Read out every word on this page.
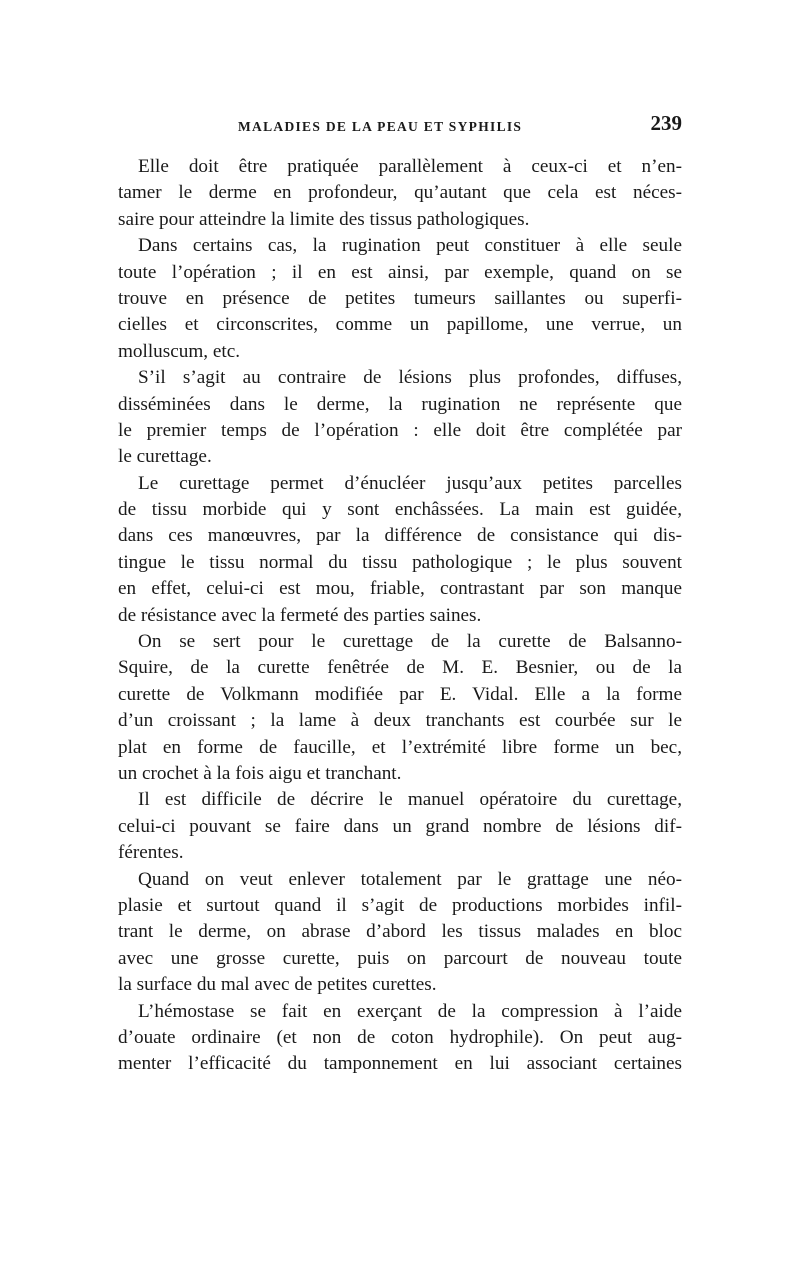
MALADIES DE LA PEAU ET SYPHILIS	239
Elle doit être pratiquée parallèlement à ceux-ci et n’en-
tamer le derme en profondeur, qu’autant que cela est néces-
saire pour atteindre la limite des tissus pathologiques.
Dans certains cas, la rugination peut constituer à elle seule
toute l’opération ; il en est ainsi, par exemple, quand on se
trouve en présence de petites tumeurs saillantes ou superfi-
cielles et circonscrites, comme un papillome, une verrue, un
molluscum, etc.
S’il s’agit au contraire de lésions plus profondes, diffuses,
disséminées dans le derme, la rugination ne représente que
le premier temps de l’opération : elle doit être complétée par
le curettage.
Le curettage permet d’énucléer jusqu’aux petites parcelles
de tissu morbide qui y sont enchâssées. La main est guidée,
dans ces manœuvres, par la différence de consistance qui dis-
tingue le tissu normal du tissu pathologique ; le plus souvent
en effet, celui-ci est mou, friable, contrastant par son manque
de résistance avec la fermeté des parties saines.
On se sert pour le curettage de la curette de Balsanno-
Squire, de la curette fenêtrée de M. E. Besnier, ou de la
curette de Volkmann modifiée par E. Vidal. Elle a la forme
d’un croissant ; la lame à deux tranchants est courbée sur le
plat en forme de faucille, et l’extrémité libre forme un bec,
un crochet à la fois aigu et tranchant.
Il est difficile de décrire le manuel opératoire du curettage,
celui-ci pouvant se faire dans un grand nombre de lésions dif-
férentes.
Quand on veut enlever totalement par le grattage une néo-
plasie et surtout quand il s’agit de productions morbides infil-
trant le derme, on abrase d’abord les tissus malades en bloc
avec une grosse curette, puis on parcourt de nouveau toute
la surface du mal avec de petites curettes.
L’hémostase se fait en exerçant de la compression à l’aide
d’ouate ordinaire (et non de coton hydrophile). On peut aug-
menter l’efficacité du tamponnement en lui associant certaines
